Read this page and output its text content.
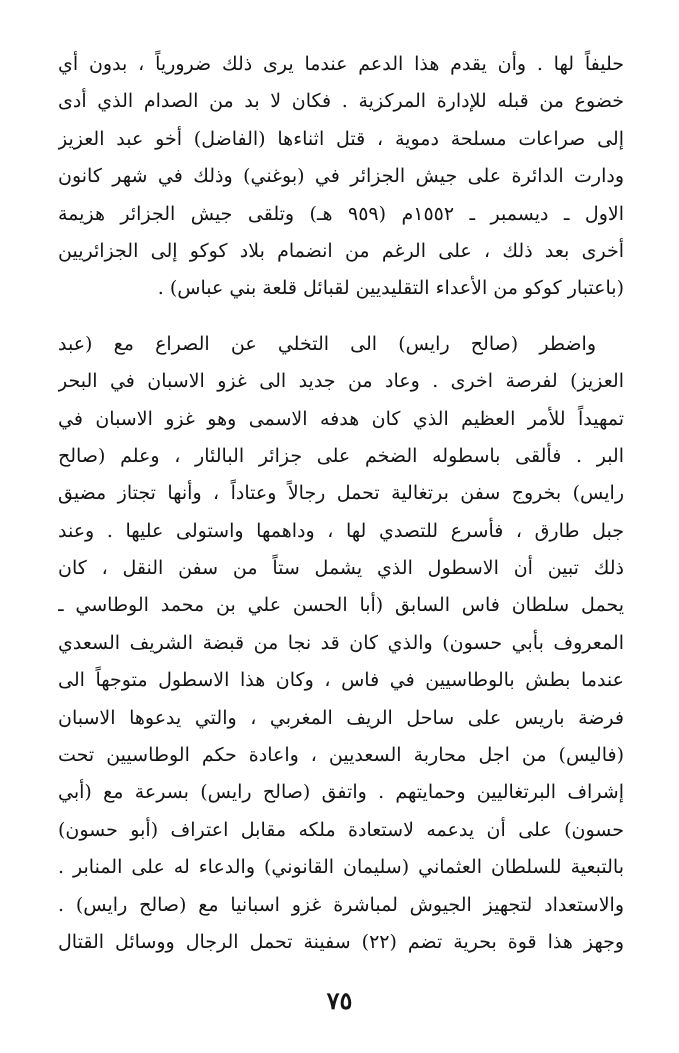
حليفاً لها . وأن يقدم هذا الدعم عندما يرى ذلك ضرورياً ، بدون أي
خضوع من قبله للإدارة المركزية . فكان لا بد من الصدام الذي أدى
إلى صراعات مسلحة دموية ، قتل اثناءها (الفاضل) أخو عبد العزيز
ودارت الدائرة على جيش الجزائر في (بوغني) وذلك في شهر كانون
الاول ـ ديسمبر ـ ١٥٥٢م (٩٥٩ هـ) وتلقى جيش الجزائر هزيمة
أخرى بعد ذلك ، على الرغم من انضمام بلاد كوكو إلى الجزائريين
(باعتبار كوكو من الأعداء التقليديين لقبائل قلعة بني عباس) .
واضطر (صالح رايس) الى التخلي عن الصراع مع (عبد
العزيز) لفرصة اخرى . وعاد من جديد الى غزو الاسبان في البحر
تمهيداً للأمر العظيم الذي كان هدفه الاسمى وهو غزو الاسبان في
البر . فألقى باسطوله الضخم على جزائر البالئار ، وعلم (صالح
رايس) بخروج سفن برتغالية تحمل رجالاً وعتاداً ، وأنها تجتاز مضيق
جبل طارق ، فأسرع للتصدي لها ، وداهمها واستولى عليها . وعند
ذلك تبين أن الاسطول الذي يشمل ستاً من سفن النقل ، كان
يحمل سلطان فاس السابق (أبا الحسن علي بن محمد الوطاسي ـ
المعروف بأبي حسون) والذي كان قد نجا من قبضة الشريف السعدي
عندما بطش بالوطاسيين في فاس ، وكان هذا الاسطول متوجهاً الى
فرضة باريس على ساحل الريف المغربي ، والتي يدعوها الاسبان
(فاليس) من اجل محاربة السعديين ، واعادة حكم الوطاسيين تحت
إشراف البرتغاليين وحمايتهم . واتفق (صالح رايس) بسرعة مع (أبي
حسون) على أن يدعمه لاستعادة ملكه مقابل اعتراف (أبو حسون)
بالتبعية للسلطان العثماني (سليمان القانوني) والدعاء له على المنابر .
والاستعداد لتجهيز الجيوش لمباشرة غزو اسبانيا مع (صالح رايس) .
وجهز هذا قوة بحرية تضم (٢٢) سفينة تحمل الرجال ووسائل القتال
٧٥
